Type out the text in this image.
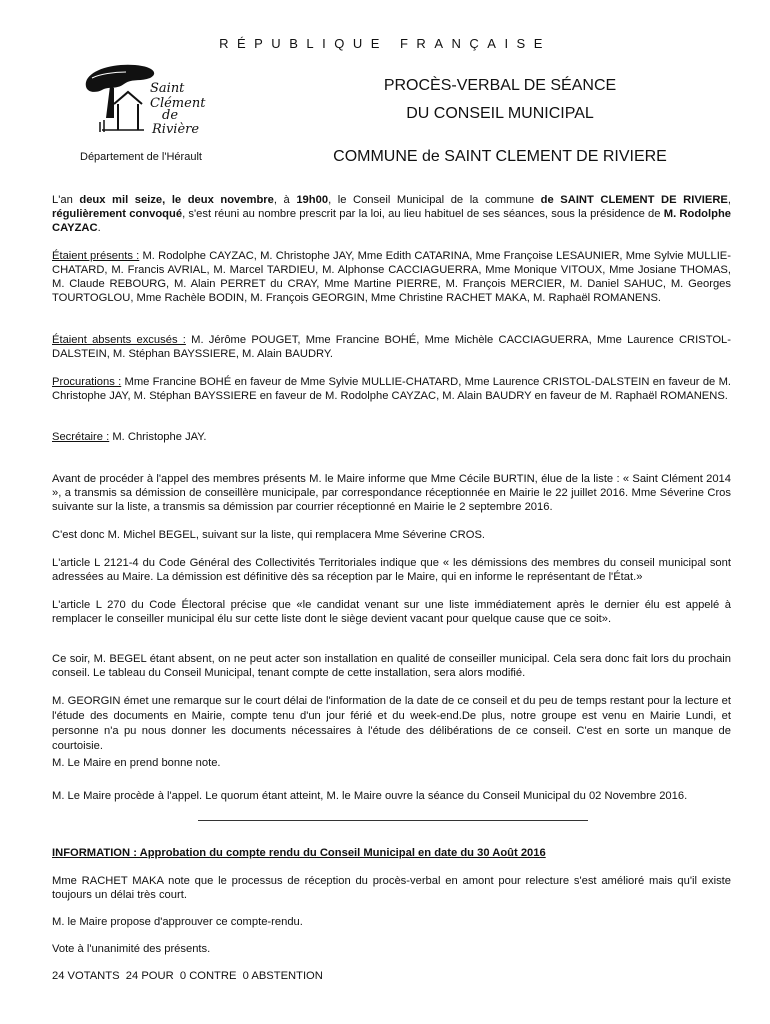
RÉPUBLIQUE FRANÇAISE
Saint
Clément
de
Rivière
Département de l'Hérault
PROCÈS-VERBAL DE SÉANCE
DU CONSEIL MUNICIPAL
COMMUNE de SAINT CLEMENT DE RIVIERE

L'an deux mil seize, le deux novembre, à 19h00, le Conseil Municipal de la commune de SAINT CLEMENT DE RIVIERE, régulièrement convoqué, s'est réuni au nombre prescrit par la loi, au lieu habituel de ses séances, sous la présidence de M. Rodolphe CAYZAC.

Étaient présents : M. Rodolphe CAYZAC, M. Christophe JAY, Mme Edith CATARINA, Mme Françoise LESAUNIER, Mme Sylvie MULLIE-CHATARD, M. Francis AVRIAL, M. Marcel TARDIEU, M. Alphonse CACCIAGUERRA, Mme Monique VITOUX, Mme Josiane THOMAS, M. Claude REBOURG, M. Alain PERRET du CRAY, Mme Martine PIERRE, M. François MERCIER, M. Daniel SAHUC, M. Georges TOURTOGLOU, Mme Rachèle BODIN, M. François GEORGIN, Mme Christine RACHET MAKA, M. Raphaël ROMANENS.

Étaient absents excusés : M. Jérôme POUGET, Mme Francine BOHÉ, Mme Michèle CACCIAGUERRA, Mme Laurence CRISTOL-DALSTEIN, M. Stéphan BAYSSIERE, M. Alain BAUDRY.

Procurations : Mme Francine BOHÉ en faveur de Mme Sylvie MULLIE-CHATARD, Mme Laurence CRISTOL-DALSTEIN en faveur de M. Christophe JAY, M. Stéphan BAYSSIERE en faveur de M. Rodolphe CAYZAC, M. Alain BAUDRY en faveur de M. Raphaël ROMANENS.

Secrétaire : M. Christophe JAY.

Avant de procéder à l'appel des membres présents M. le Maire informe que Mme Cécile BURTIN, élue de la liste : « Saint Clément 2014 », a transmis sa démission de conseillère municipale, par correspondance réceptionnée en Mairie le 22 juillet 2016. Mme Séverine Cros suivante sur la liste, a transmis sa démission par courrier réceptionné en Mairie le 2 septembre 2016.

C'est donc M. Michel BEGEL, suivant sur la liste, qui remplacera Mme Séverine CROS.

L'article L 2121-4 du Code Général des Collectivités Territoriales indique que « les démissions des membres du conseil municipal sont adressées au Maire. La démission est définitive dès sa réception par le Maire, qui en informe le représentant de l'État.»

L'article L 270 du Code Électoral précise que «le candidat venant sur une liste immédiatement après le dernier élu est appelé à remplacer le conseiller municipal élu sur cette liste dont le siège devient vacant pour quelque cause que ce soit».

Ce soir, M. BEGEL étant absent, on ne peut acter son installation en qualité de conseiller municipal. Cela sera donc fait lors du prochain conseil. Le tableau du Conseil Municipal, tenant compte de cette installation, sera alors modifié.

M. GEORGIN émet une remarque sur le court délai de l'information de la date de ce conseil et du peu de temps restant pour la lecture et l'étude des documents en Mairie, compte tenu d'un jour férié et du week-end.De plus, notre groupe est venu en Mairie Lundi, et personne n'a pu nous donner les documents nécessaires à l'étude des délibérations de ce conseil. C'est en sorte un manque de courtoisie.

M. Le Maire en prend bonne note.

M. Le Maire procède à l'appel. Le quorum étant atteint, M. le Maire ouvre la séance du Conseil Municipal du 02 Novembre 2016.

INFORMATION : Approbation du compte rendu du Conseil Municipal en date du 30 Août 2016

Mme RACHET MAKA note que le processus de réception du procès-verbal en amont pour relecture s'est amélioré mais qu'il existe toujours un délai très court.

M. le Maire propose d'approuver ce compte-rendu.

Vote à l'unanimité des présents.

24 VOTANTS  24 POUR  0 CONTRE  0 ABSTENTION
